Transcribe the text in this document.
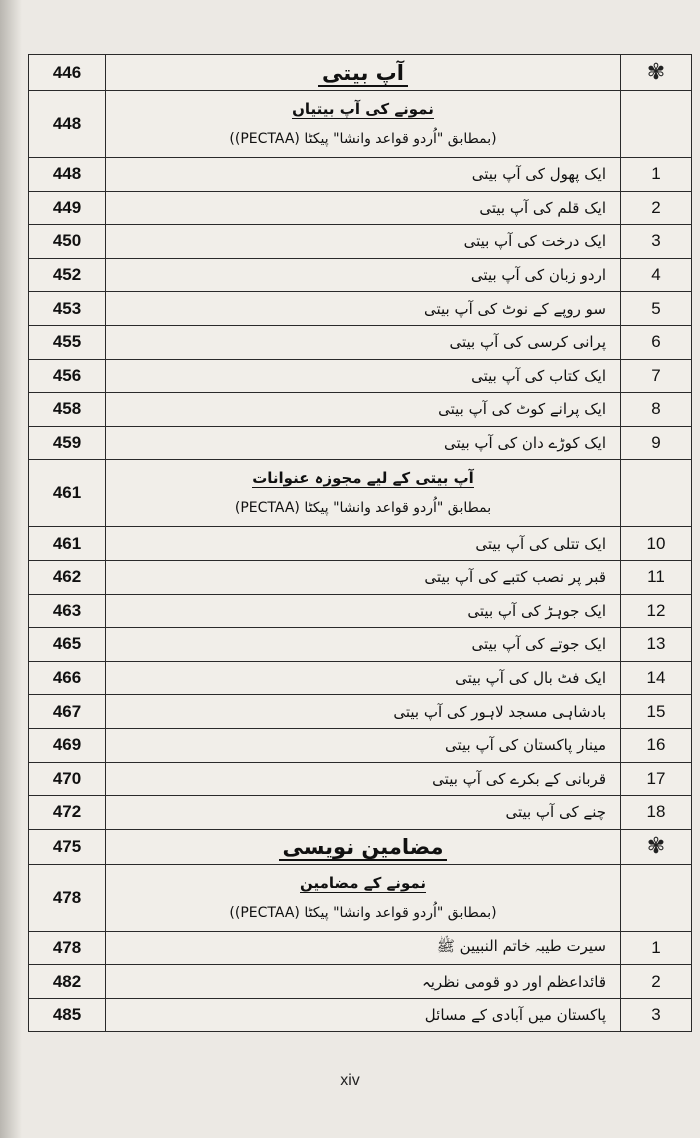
446	آپ بیتی	✾
448	نمونے کی آپ بیتیاں
(بمطابق "اُردو قواعد وانشا" پیکٹا (PECTAA))	

448	ایک پھول کی آپ بیتی	1
449	ایک قلم کی آپ بیتی	2
450	ایک درخت کی آپ بیتی	3
452	اردو زبان کی آپ بیتی	4
453	سو روپے کے نوٹ کی آپ بیتی	5
455	پرانی کرسی کی آپ بیتی	6
456	ایک کتاب کی آپ بیتی	7
458	ایک پرانے کوٹ کی آپ بیتی	8
459	ایک کوڑے دان کی آپ بیتی	9
461	آپ بیتی کے لیے مجوزہ عنوانات
بمطابق "اُردو قواعد وانشا" پیکٹا (PECTAA)	

461	ایک تتلی کی آپ بیتی	10
462	قبر پر نصب کتبے کی آپ بیتی	11
463	ایک جوہڑ کی آپ بیتی	12
465	ایک جوتے کی آپ بیتی	13
466	ایک فٹ بال کی آپ بیتی	14
467	بادشاہی مسجد لاہور کی آپ بیتی	15
469	مینار پاکستان کی آپ بیتی	16
470	قربانی کے بکرے کی آپ بیتی	17
472	چنے کی آپ بیتی	18
475	مضامین نویسی	✾
478	نمونے کے مضامین
(بمطابق "اُردو قواعد وانشا" پیکٹا (PECTAA))	

478	سیرت طیبہ خاتم النبیین ﷺ	1
482	قائداعظم اور دو قومی نظریہ	2
485	پاکستان میں آبادی کے مسائل	3
xiv
